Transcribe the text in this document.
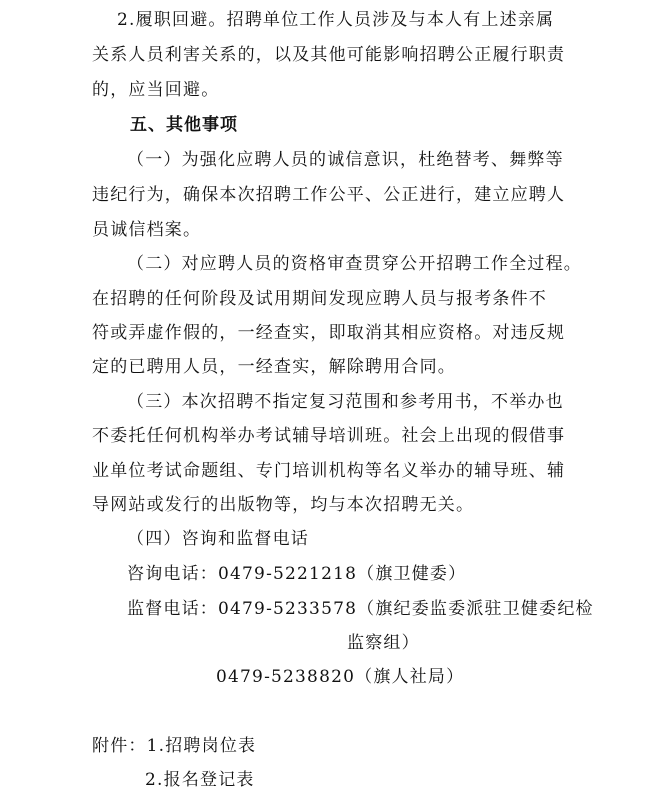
2.履职回避。招聘单位工作人员涉及与本人有上述亲属
关系人员利害关系的，以及其他可能影响招聘公正履行职责
的，应当回避。
五、其他事项
（一）为强化应聘人员的诚信意识，杜绝替考、舞弊等
违纪行为，确保本次招聘工作公平、公正进行，建立应聘人
员诚信档案。
（二）对应聘人员的资格审查贯穿公开招聘工作全过程。
在招聘的任何阶段及试用期间发现应聘人员与报考条件不
符或弄虚作假的，一经查实，即取消其相应资格。对违反规
定的已聘用人员，一经查实，解除聘用合同。
（三）本次招聘不指定复习范围和参考用书，不举办也
不委托任何机构举办考试辅导培训班。社会上出现的假借事
业单位考试命题组、专门培训机构等名义举办的辅导班、辅
导网站或发行的出版物等，均与本次招聘无关。
（四）咨询和监督电话
咨询电话：0479-5221218（旗卫健委）
监督电话：0479-5233578（旗纪委监委派驻卫健委纪检
监察组）
0479-5238820（旗人社局）
附件：1.招聘岗位表
2.报名登记表
